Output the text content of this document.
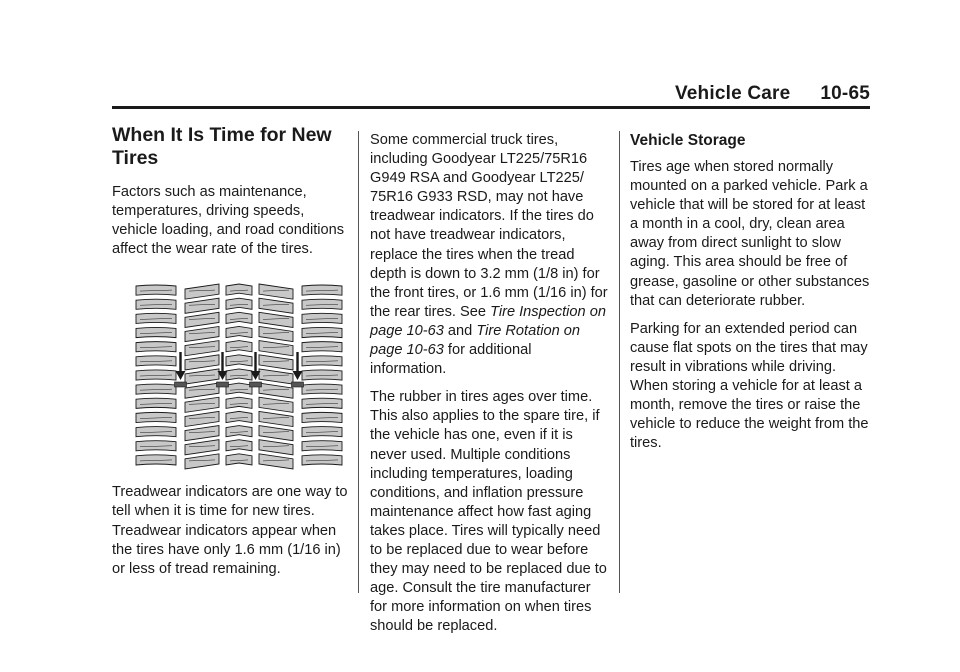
Vehicle Care 10-65
When It Is Time for New Tires

Factors such as maintenance, temperatures, driving speeds, vehicle loading, and road conditions affect the wear rate of the tires.

Treadwear indicators are one way to tell when it is time for new tires. Treadwear indicators appear when the tires have only 1.6 mm (1/16 in) or less of tread remaining.

Some commercial truck tires, including Goodyear LT225/75R16 G949 RSA and Goodyear LT225/ 75R16 G933 RSD, may not have treadwear indicators. If the tires do not have treadwear indicators, replace the tires when the tread depth is down to 3.2 mm (1/8 in) for the front tires, or 1.6 mm (1/16 in) for the rear tires. See Tire Inspection on page 10-63 and Tire Rotation on page 10-63 for additional information.

The rubber in tires ages over time. This also applies to the spare tire, if the vehicle has one, even if it is never used. Multiple conditions including temperatures, loading conditions, and inflation pressure maintenance affect how fast aging takes place. Tires will typically need to be replaced due to wear before they may need to be replaced due to age. Consult the tire manufacturer for more information on when tires should be replaced.

Vehicle Storage

Tires age when stored normally mounted on a parked vehicle. Park a vehicle that will be stored for at least a month in a cool, dry, clean area away from direct sunlight to slow aging. This area should be free of grease, gasoline or other substances that can deteriorate rubber.

Parking for an extended period can cause flat spots on the tires that may result in vibrations while driving. When storing a vehicle for at least a month, remove the tires or raise the vehicle to reduce the weight from the tires.
